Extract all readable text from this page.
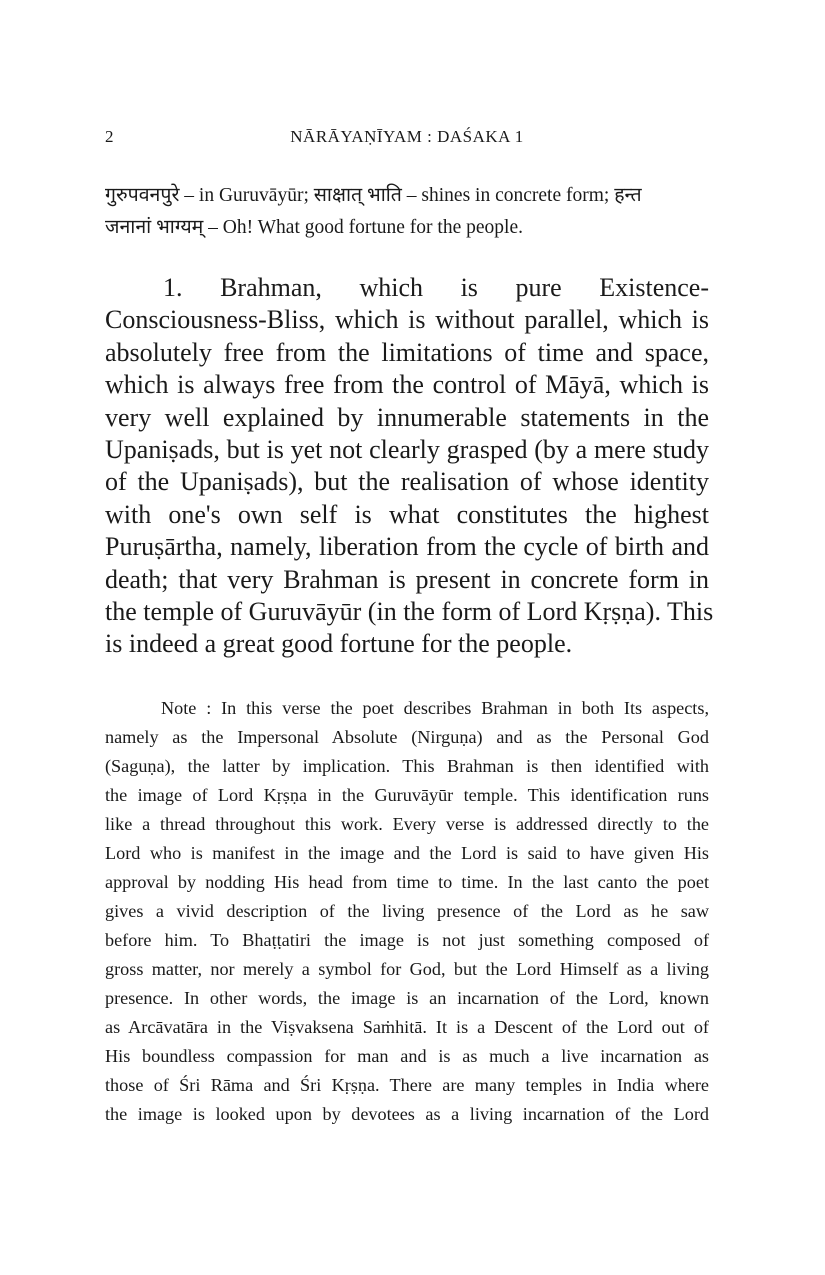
2	NĀRĀYAṆĪYAM : DAŚAKA 1
गुरुपवनपुरे – in Guruvāyūr; साक्षात् भाति – shines in concrete form; हन्त
जनानां भाग्यम् – Oh! What good fortune for the people.
1. Brahman, which is pure Existence-
Consciousness-Bliss, which is without parallel, which is
absolutely free from the limitations of time and space,
which is always free from the control of Māyā, which is
very well explained by innumerable statements in the
Upaniṣads, but is yet not clearly grasped (by a mere study
of the Upaniṣads), but the realisation of whose identity
with one's own self is what constitutes the highest
Puruṣārtha, namely, liberation from the cycle of birth and
death; that very Brahman is present in concrete form in
the temple of Guruvāyūr (in the form of Lord Kṛṣṇa). This
is indeed a great good fortune for the people.
Note : In this verse the poet describes Brahman in both Its aspects,
namely as the Impersonal Absolute (Nirguṇa) and as the Personal God
(Saguṇa), the latter by implication. This Brahman is then identified with
the image of Lord Kṛṣṇa in the Guruvāyūr temple. This identification runs
like a thread throughout this work. Every verse is addressed directly to the
Lord who is manifest in the image and the Lord is said to have given His
approval by nodding His head from time to time. In the last canto the poet
gives a vivid description of the living presence of the Lord as he saw
before him. To Bhaṭṭatiri the image is not just something composed of
gross matter, nor merely a symbol for God, but the Lord Himself as a living
presence. In other words, the image is an incarnation of the Lord, known
as Arcāvatāra in the Viṣvaksena Saṁhitā. It is a Descent of the Lord out of
His boundless compassion for man and is as much a live incarnation as
those of Śri Rāma and Śri Kṛṣṇa. There are many temples in India where
the image is looked upon by devotees as a living incarnation of the Lord
